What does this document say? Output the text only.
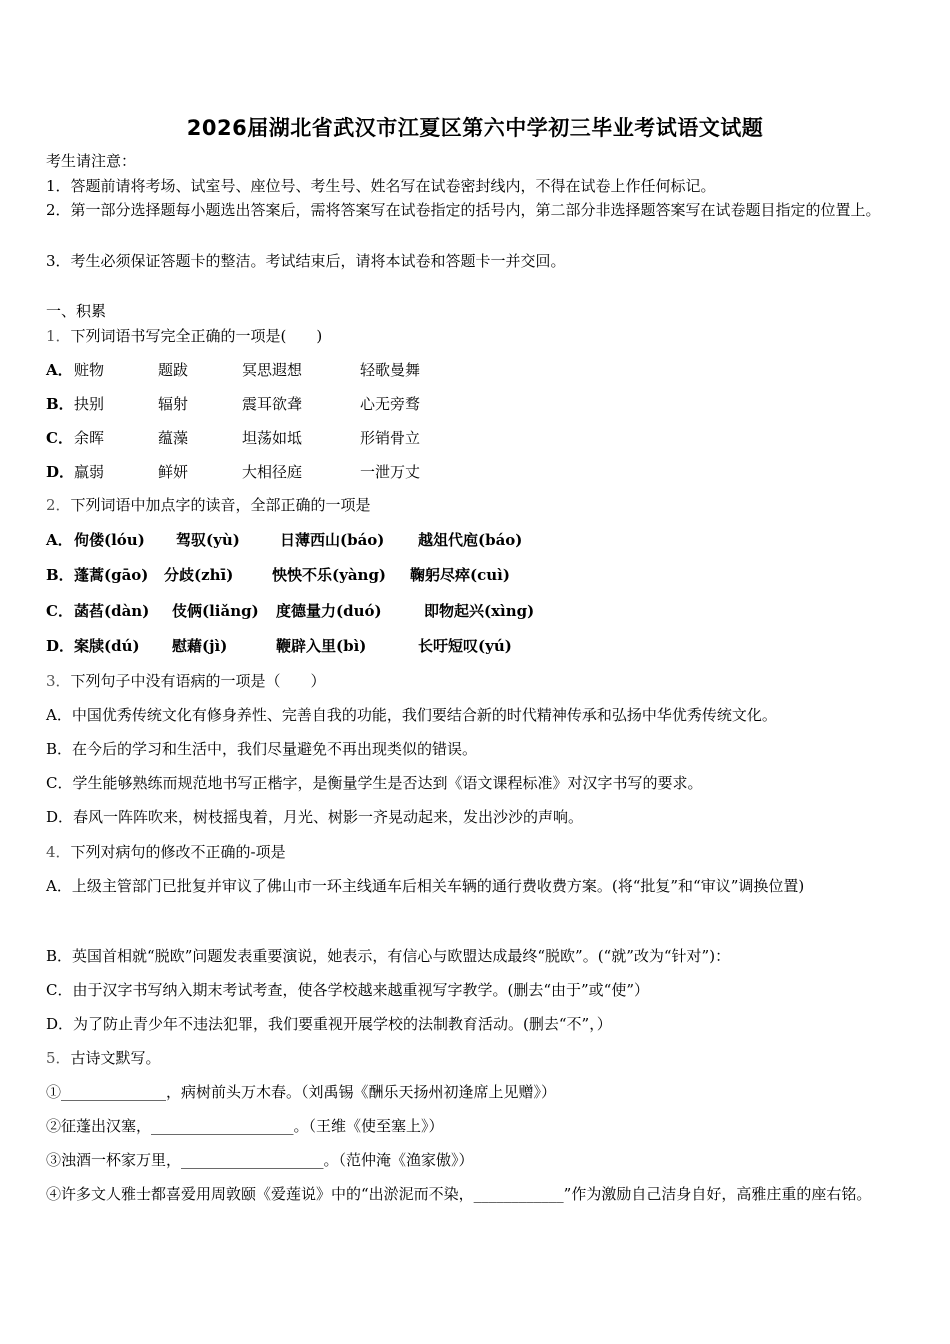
2026届湖北省武汉市江夏区第六中学初三毕业考试语文试题
考生请注意：
1．答题前请将考场、试室号、座位号、考生号、姓名写在试卷密封线内，不得在试卷上作任何标记。
2．第一部分选择题每小题选出答案后，需将答案写在试卷指定的括号内，第二部分非选择题答案写在试卷题目指定的位置上。
3．考生必须保证答题卡的整洁。考试结束后，请将本试卷和答题卡一并交回。
一、积累
1．下列词语书写完全正确的一项是(　　)
A． 赃物	题跋	冥思遐想	轻歌曼舞
B． 抉别	辐射	震耳欲聋	心无旁骛
C． 余晖	蕴藻	坦荡如坻	形销骨立
D． 羸弱	鲜妍	大相径庭	一泄万丈
2．下列词语中加点字的读音，全部正确的一项是
A． 佝偻(lóu) 驾驭(yù)	日薄西山(báo) 越俎代庖(báo)
B． 蓬蒿(gāo) 分歧(zhī)	怏怏不乐(yàng) 鞠躬尽瘁(cuì)
C． 菡萏(dàn) 伎俩(liǎng) 度德量力(duó)	即物起兴(xìng)
D． 案牍(dú) 慰藉(jì)	鞭辟入里(bì)	长吁短叹(yú)
3．下列句子中没有语病的一项是（　　）
A．中国优秀传统文化有修身养性、完善自我的功能，我们要结合新的时代精神传承和弘扬中华优秀传统文化。
B．在今后的学习和生活中，我们尽量避免不再出现类似的错误。
C．学生能够熟练而规范地书写正楷字，是衡量学生是否达到《语文课程标准》对汉字书写的要求。
D．春风一阵阵吹来，树枝摇曳着，月光、树影一齐晃动起来，发出沙沙的声响。
4．下列对病句的修改不正确的-项是
A．上级主管部门已批复并审议了佛山市一环主线通车后相关车辆的通行费收费方案。(将“批复”和“审议”调换位置)
B．英国首相就“脱欧”问题发表重要演说，她表示，有信心与欧盟达成最终“脱欧”。(“就”改为“针对”)：
C．由于汉字书写纳入期末考试考查，使各学校越来越重视写字教学。(删去“由于”或“使”）
D．为了防止青少年不违法犯罪，我们要重视开展学校的法制教育活动。(删去“不”，）
5．古诗文默写。
①______________，病树前头万木春。（刘禹锡《酬乐天扬州初逢席上见赠》）
②征蓬出汉塞，___________________。（王维《使至塞上》）
③浊酒一杯家万里，___________________。（范仲淹《渔家傲》）
④许多文人雅士都喜爱用周敦颐《爱莲说》中的“出淤泥而不染，____________”作为激励自己洁身自好，高雅庄重的座右铭。
